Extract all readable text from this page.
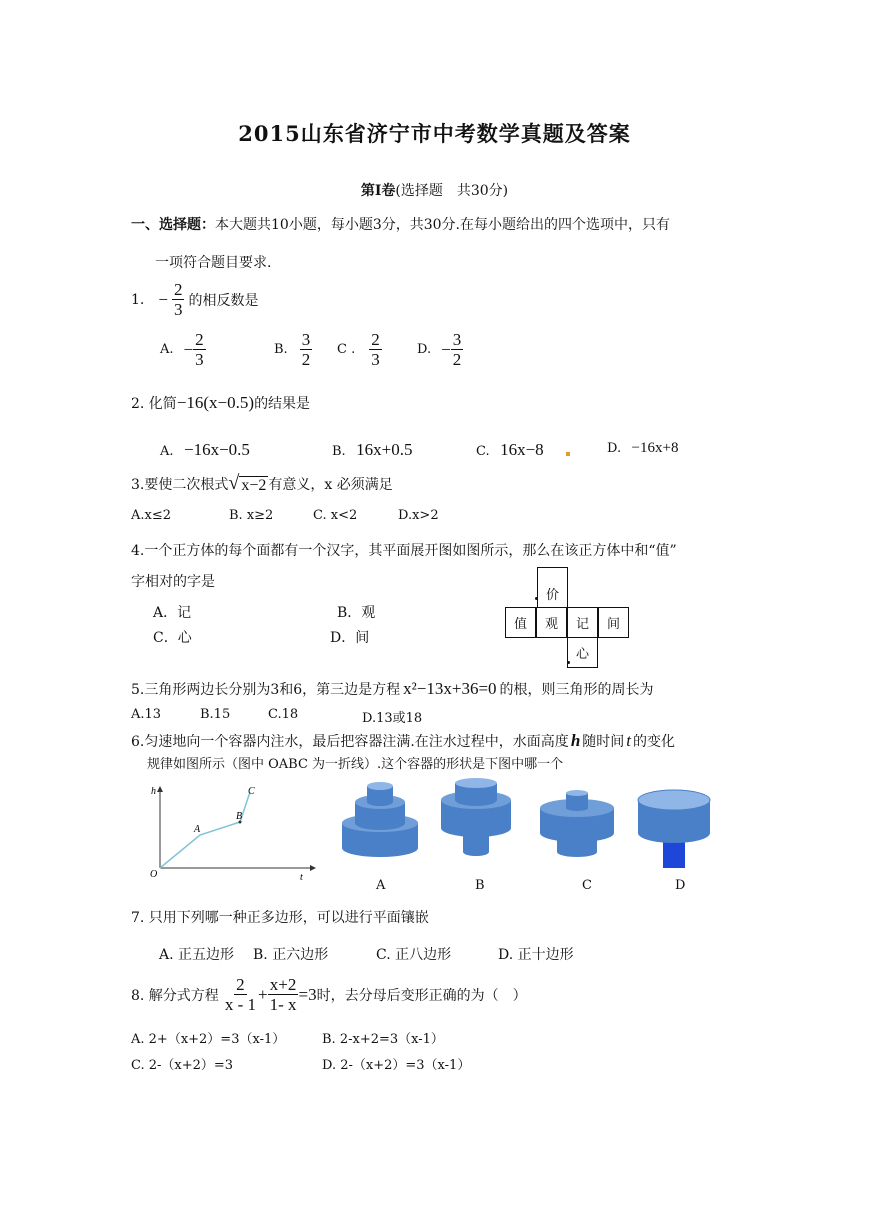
2015山东省济宁市中考数学真题及答案
第Ⅰ卷(选择题　共30分)
一、选择题：本大题共10小题，每小题3分，共30分.在每小题给出的四个选项中，只有
一项符合题目要求.
1. − $\frac{2}{3}$ 的相反数是
A. − $\frac{2}{3}$	B. $\frac{3}{2}$ C . $\frac{2}{3}$	D. − $\frac{3}{2}$
2. 化简 −16(x−0.5) 的结果是
A. −16x−0.5	B. 16x+0.5	C. 16x−8	D. −16x+8
3.要使二次根式 √ x−2 有意义，x 必须满足
A.x≤2	B. x≥2	C. x<2	D.x>2
4.一个正方体的每个面都有一个汉字，其平面展开图如图所示，那么在该正方体中和“值”
字相对的字是
A．记	B．观
C．心	D．间
价
值 观 记 间
心
5.三角形两边长分别为3和6，第三边是方程 x²−13x+36=0 的根，则三角形的周长为
A.13	B.15	C.18	D.13或18
6.匀速地向一个容器内注水，最后把容器注满.在注水过程中，水面高度 h 随时间 t 的变化
规律如图所示（图中 OABC 为一折线）.这个容器的形状是下图中哪一个
h
t
O
A
B
C
A	B	C	D
7. 只用下列哪一种正多边形，可以进行平面镶嵌
A. 正五边形 B. 正六边形	C. 正八边形	D. 正十边形
8. 解分式方程 $\frac{2}{x - 1} + \frac{x+2}{1- x} =3$ 时，去分母后变形正确的为（　）
A. 2+（x+2）=3（x-1）	B. 2-x+2=3（x-1）
C. 2-（x+2）=3	D. 2-（x+2）=3（x-1）
